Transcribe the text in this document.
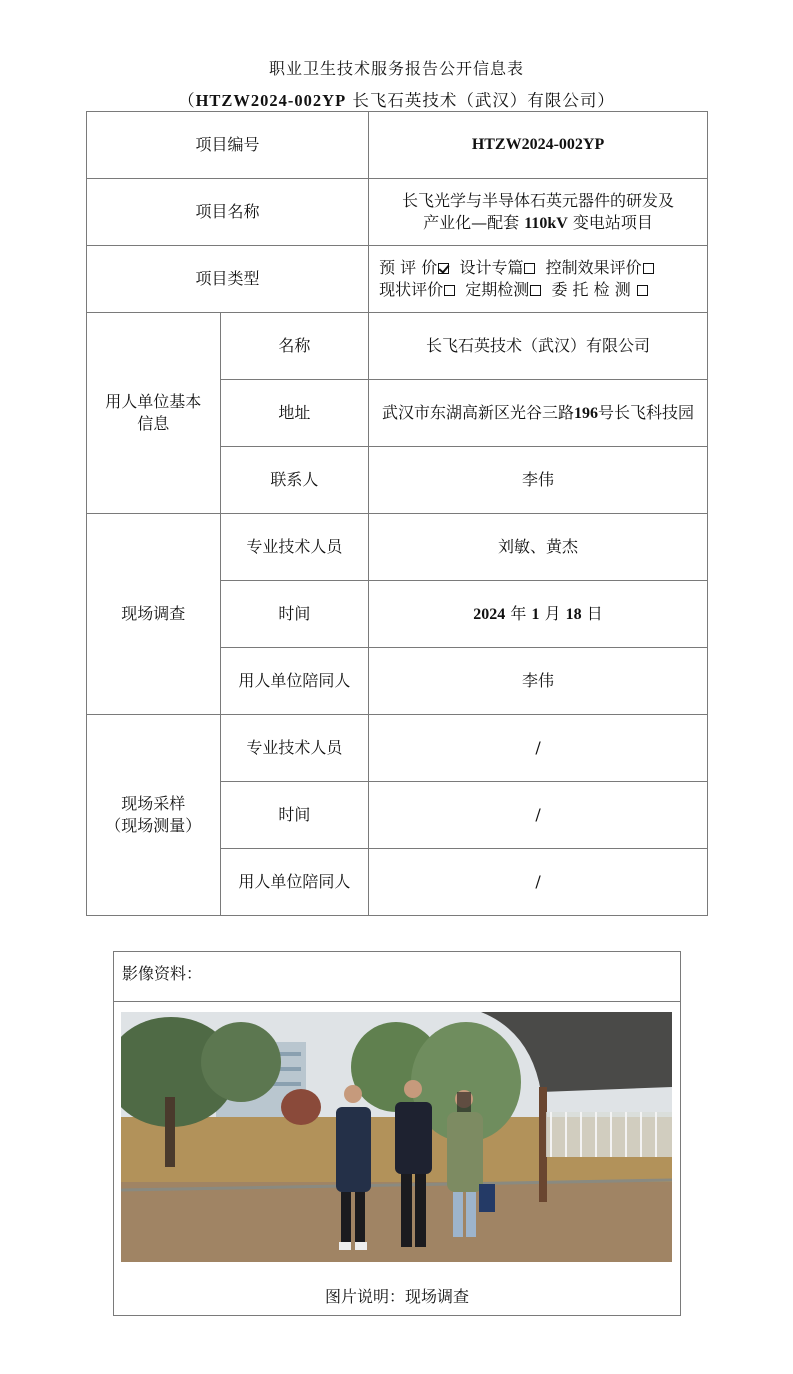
职业卫生技术服务报告公开信息表
（HTZW2024-002YP 长飞石英技术（武汉）有限公司）
项目编号		HTZW2024-002YP
项目名称		长飞光学与半导体石英元器件的研发及
产业化—配套 110kV 变电站项目
项目类型		预 评 价 设计专篇 控制效果评价
现状评价 定期检测 委 托 检 测
用人单位基本信息	名称	长飞石英技术（武汉）有限公司
	地址	武汉市东湖高新区光谷三路196号长飞科技园
	联系人	李伟
现场调查	专业技术人员	刘敏、黄杰
	时间	2024 年 1 月 18 日
	用人单位陪同人	李伟
现场采样
（现场测量）	专业技术人员	/
	时间	/
	用人单位陪同人	/
影像资料：
图片说明：现场调查
